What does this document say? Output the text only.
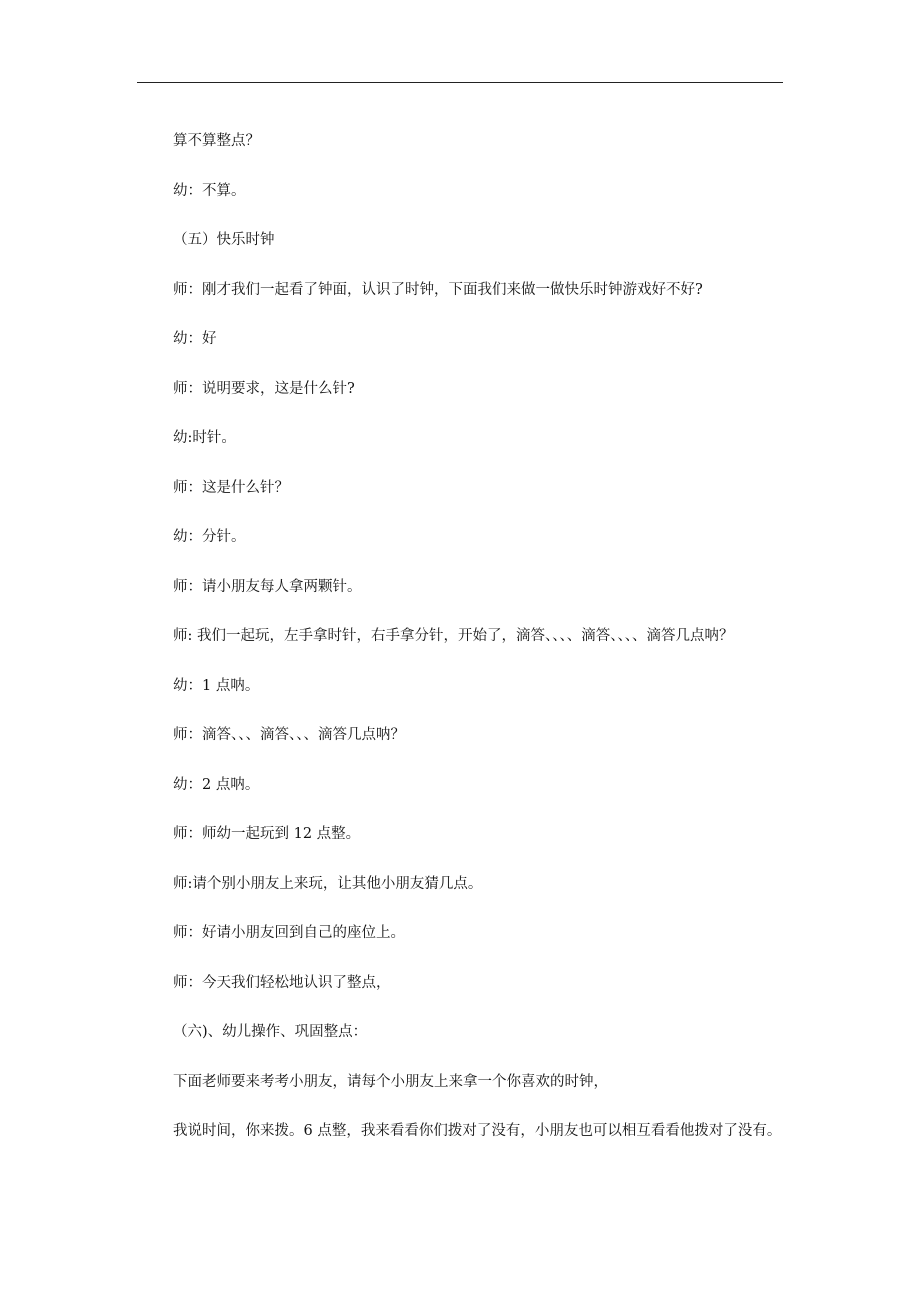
算不算整点？

幼：不算。

（五）快乐时钟

师：刚才我们一起看了钟面，认识了时钟，下面我们来做一做快乐时钟游戏好不好?

幼：好

师：说明要求，这是什么针?

幼:时针。

师：这是什么针？

幼：分针。

师：请小朋友每人拿两颗针。

师: 我们一起玩，左手拿时针，右手拿分针，开始了，滴答、、、、滴答、、、、滴答几点呐？

幼：1 点呐。

师：滴答、、、滴答、、、滴答几点呐？

幼：2 点呐。

师：师幼一起玩到 12 点整。

师:请个别小朋友上来玩，让其他小朋友猜几点。

师：好请小朋友回到自己的座位上。

师：今天我们轻松地认识了整点，

（六)、幼儿操作、巩固整点：

下面老师要来考考小朋友，请每个小朋友上来拿一个你喜欢的时钟，

我说时间，你来拨。6 点整，我来看看你们拨对了没有，小朋友也可以相互看看他拨对了没有。
